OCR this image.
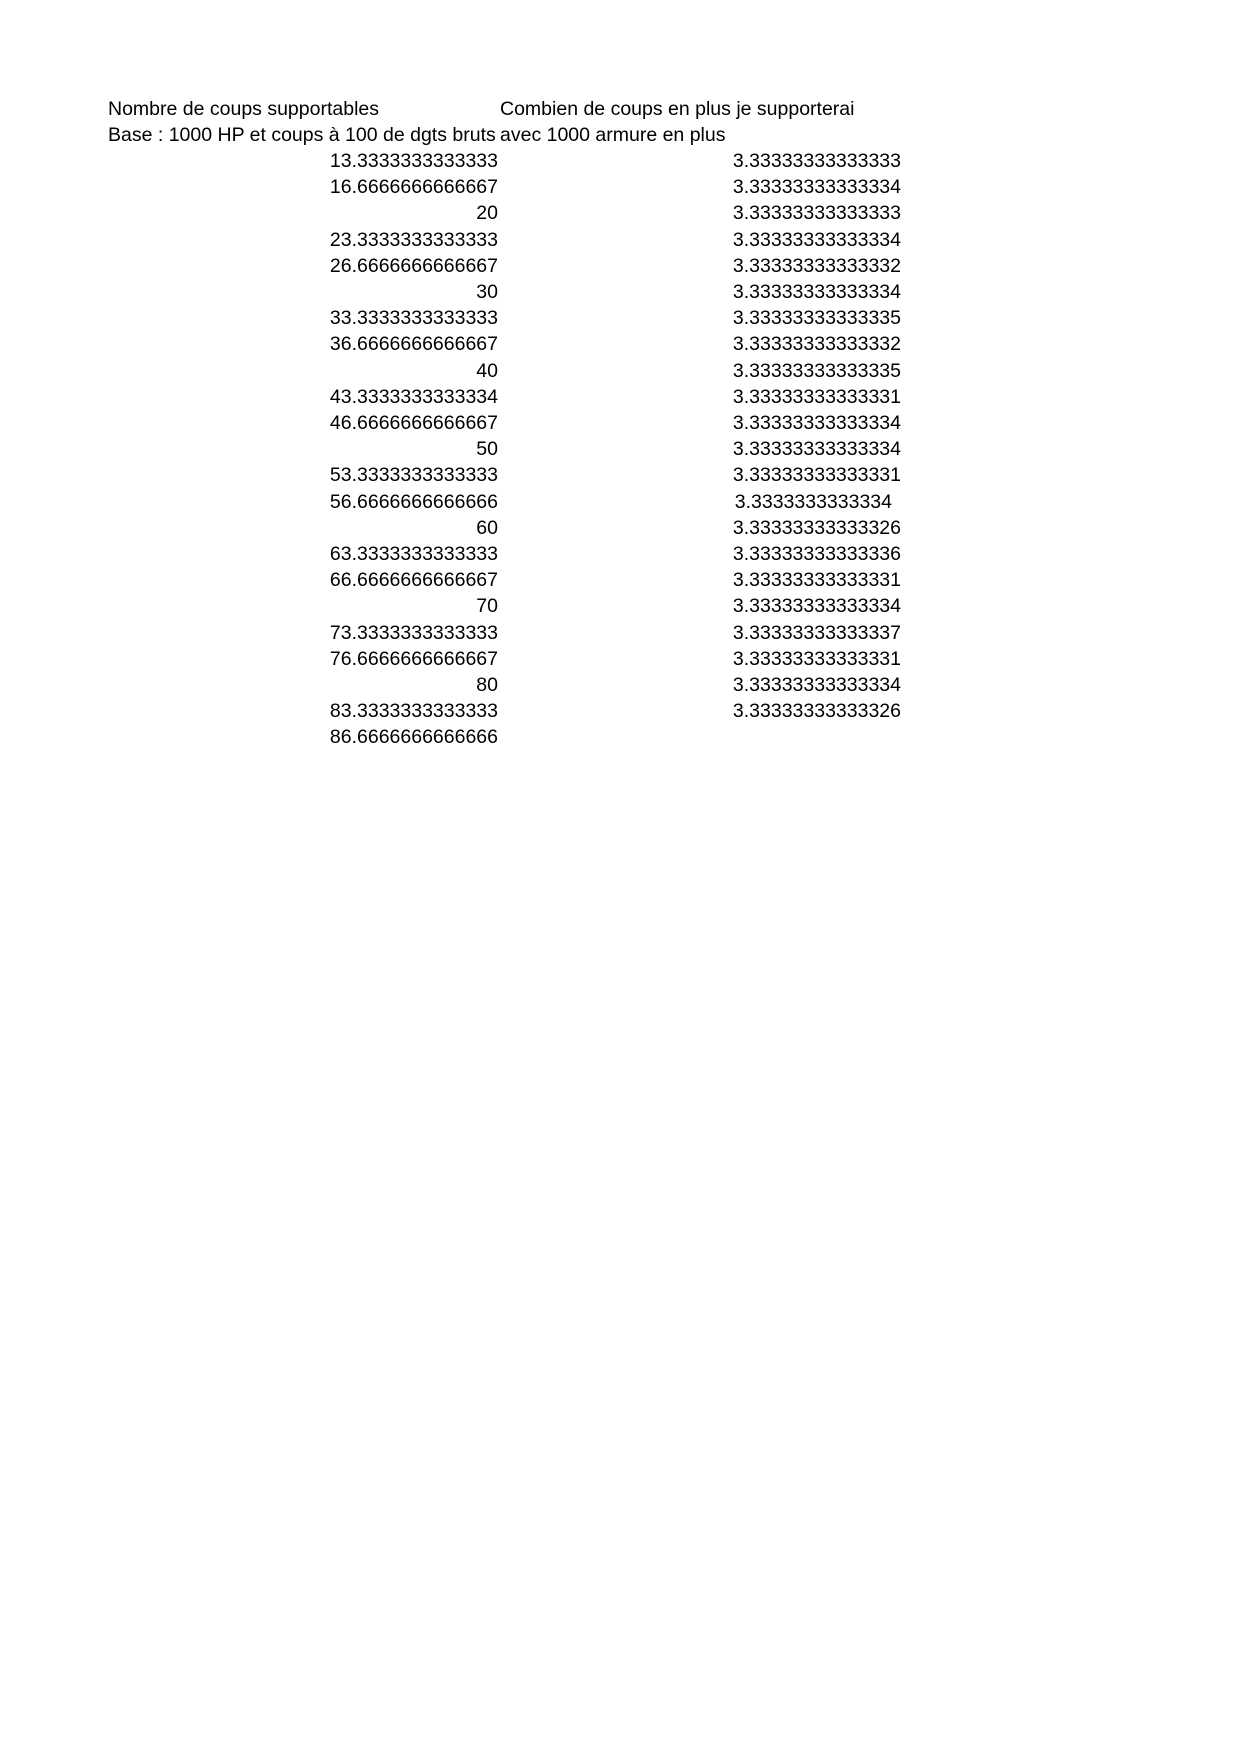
Nombre de coups supportables	Combien de coups en plus je supporterai
Base : 1000 HP et coups à 100 de dgts bruts avec 1000 armure en plus
13.3333333333333	3.33333333333333
16.6666666666667	3.33333333333334
20	3.33333333333333
23.3333333333333	3.33333333333334
26.6666666666667	3.33333333333332
30	3.33333333333334
33.3333333333333	3.33333333333335
36.6666666666667	3.33333333333332
40	3.33333333333335
43.3333333333334	3.33333333333331
46.6666666666667	3.33333333333334
50	3.33333333333334
53.3333333333333	3.33333333333331
56.6666666666666	3.3333333333334
60	3.33333333333326
63.3333333333333	3.33333333333336
66.6666666666667	3.33333333333331
70	3.33333333333334
73.3333333333333	3.33333333333337
76.6666666666667	3.33333333333331
80	3.33333333333334
83.3333333333333	3.33333333333326
86.6666666666666
